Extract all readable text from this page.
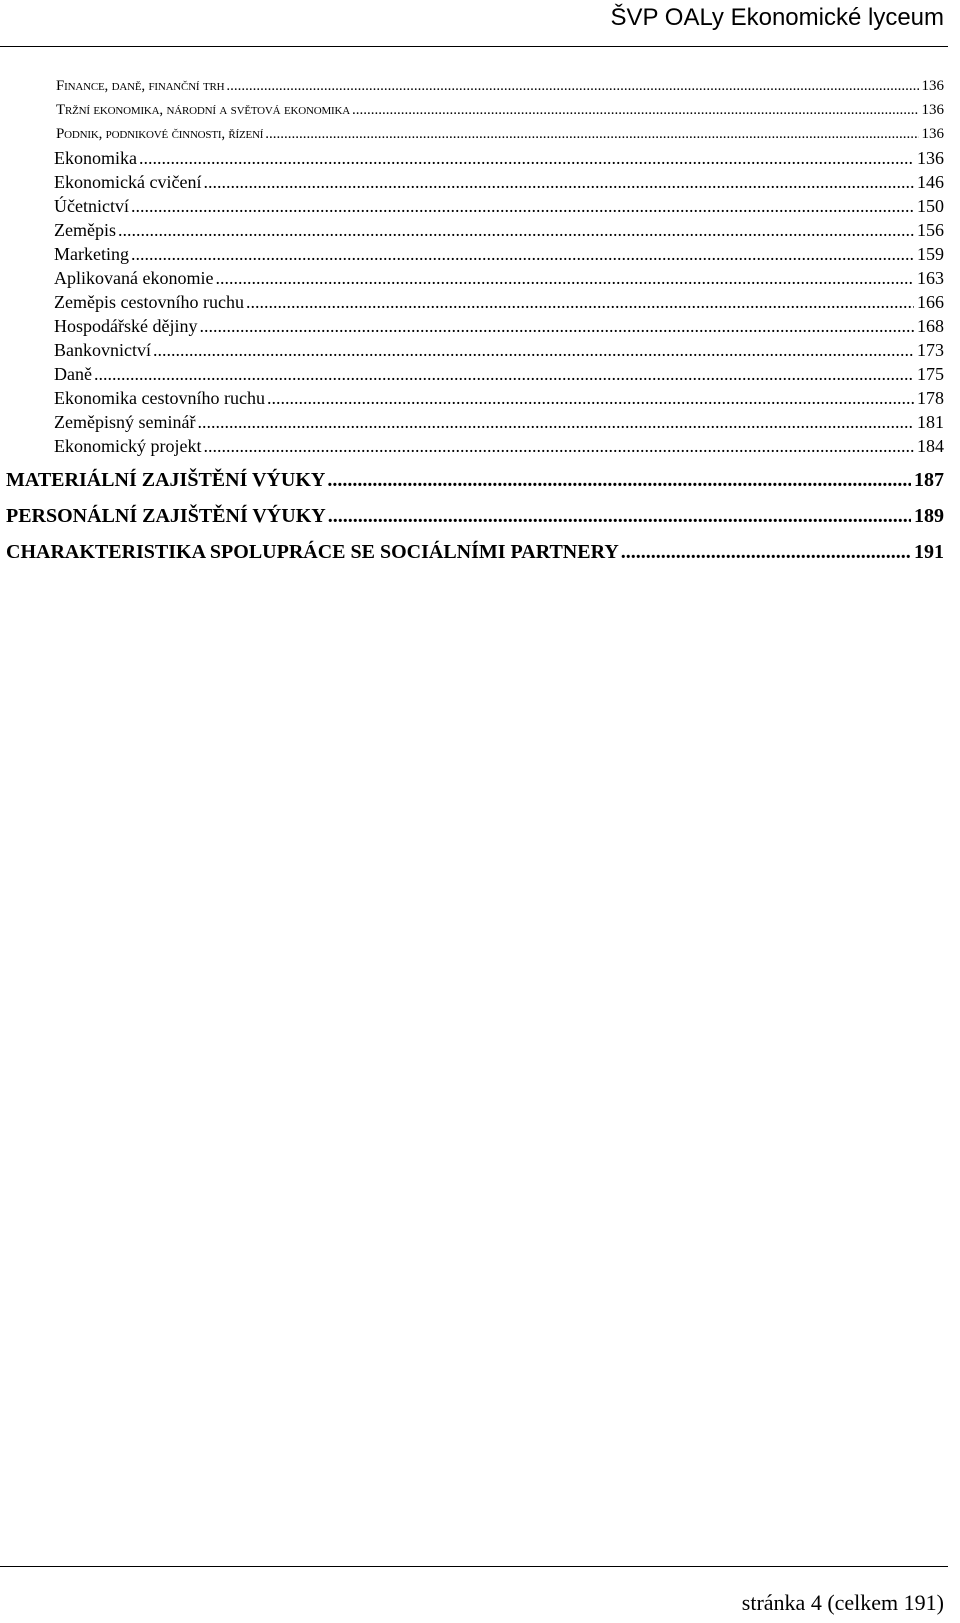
ŠVP OALy Ekonomické lyceum
Finance, daně, finanční trh .....	136
Tržní ekonomika, národní a světová ekonomika .....	136
Podnik, podnikové činnosti, řízení .....	136
Ekonomika .....	136
Ekonomická cvičení .....	146
Účetnictví .....	150
Zeměpis .....	156
Marketing .....	159
Aplikovaná ekonomie .....	163
Zeměpis cestovního ruchu .....	166
Hospodářské dějiny .....	168
Bankovnictví .....	173
Daně .....	175
Ekonomika cestovního ruchu .....	178
Zeměpisný seminář .....	181
Ekonomický projekt .....	184
MATERIÁLNÍ ZAJIŠTĚNÍ VÝUKY .....	187
PERSONÁLNÍ ZAJIŠTĚNÍ VÝUKY .....	189
CHARAKTERISTIKA SPOLUPRÁCE SE SOCIÁLNÍMI PARTNERY .....	191
stránka 4 (celkem 191)
